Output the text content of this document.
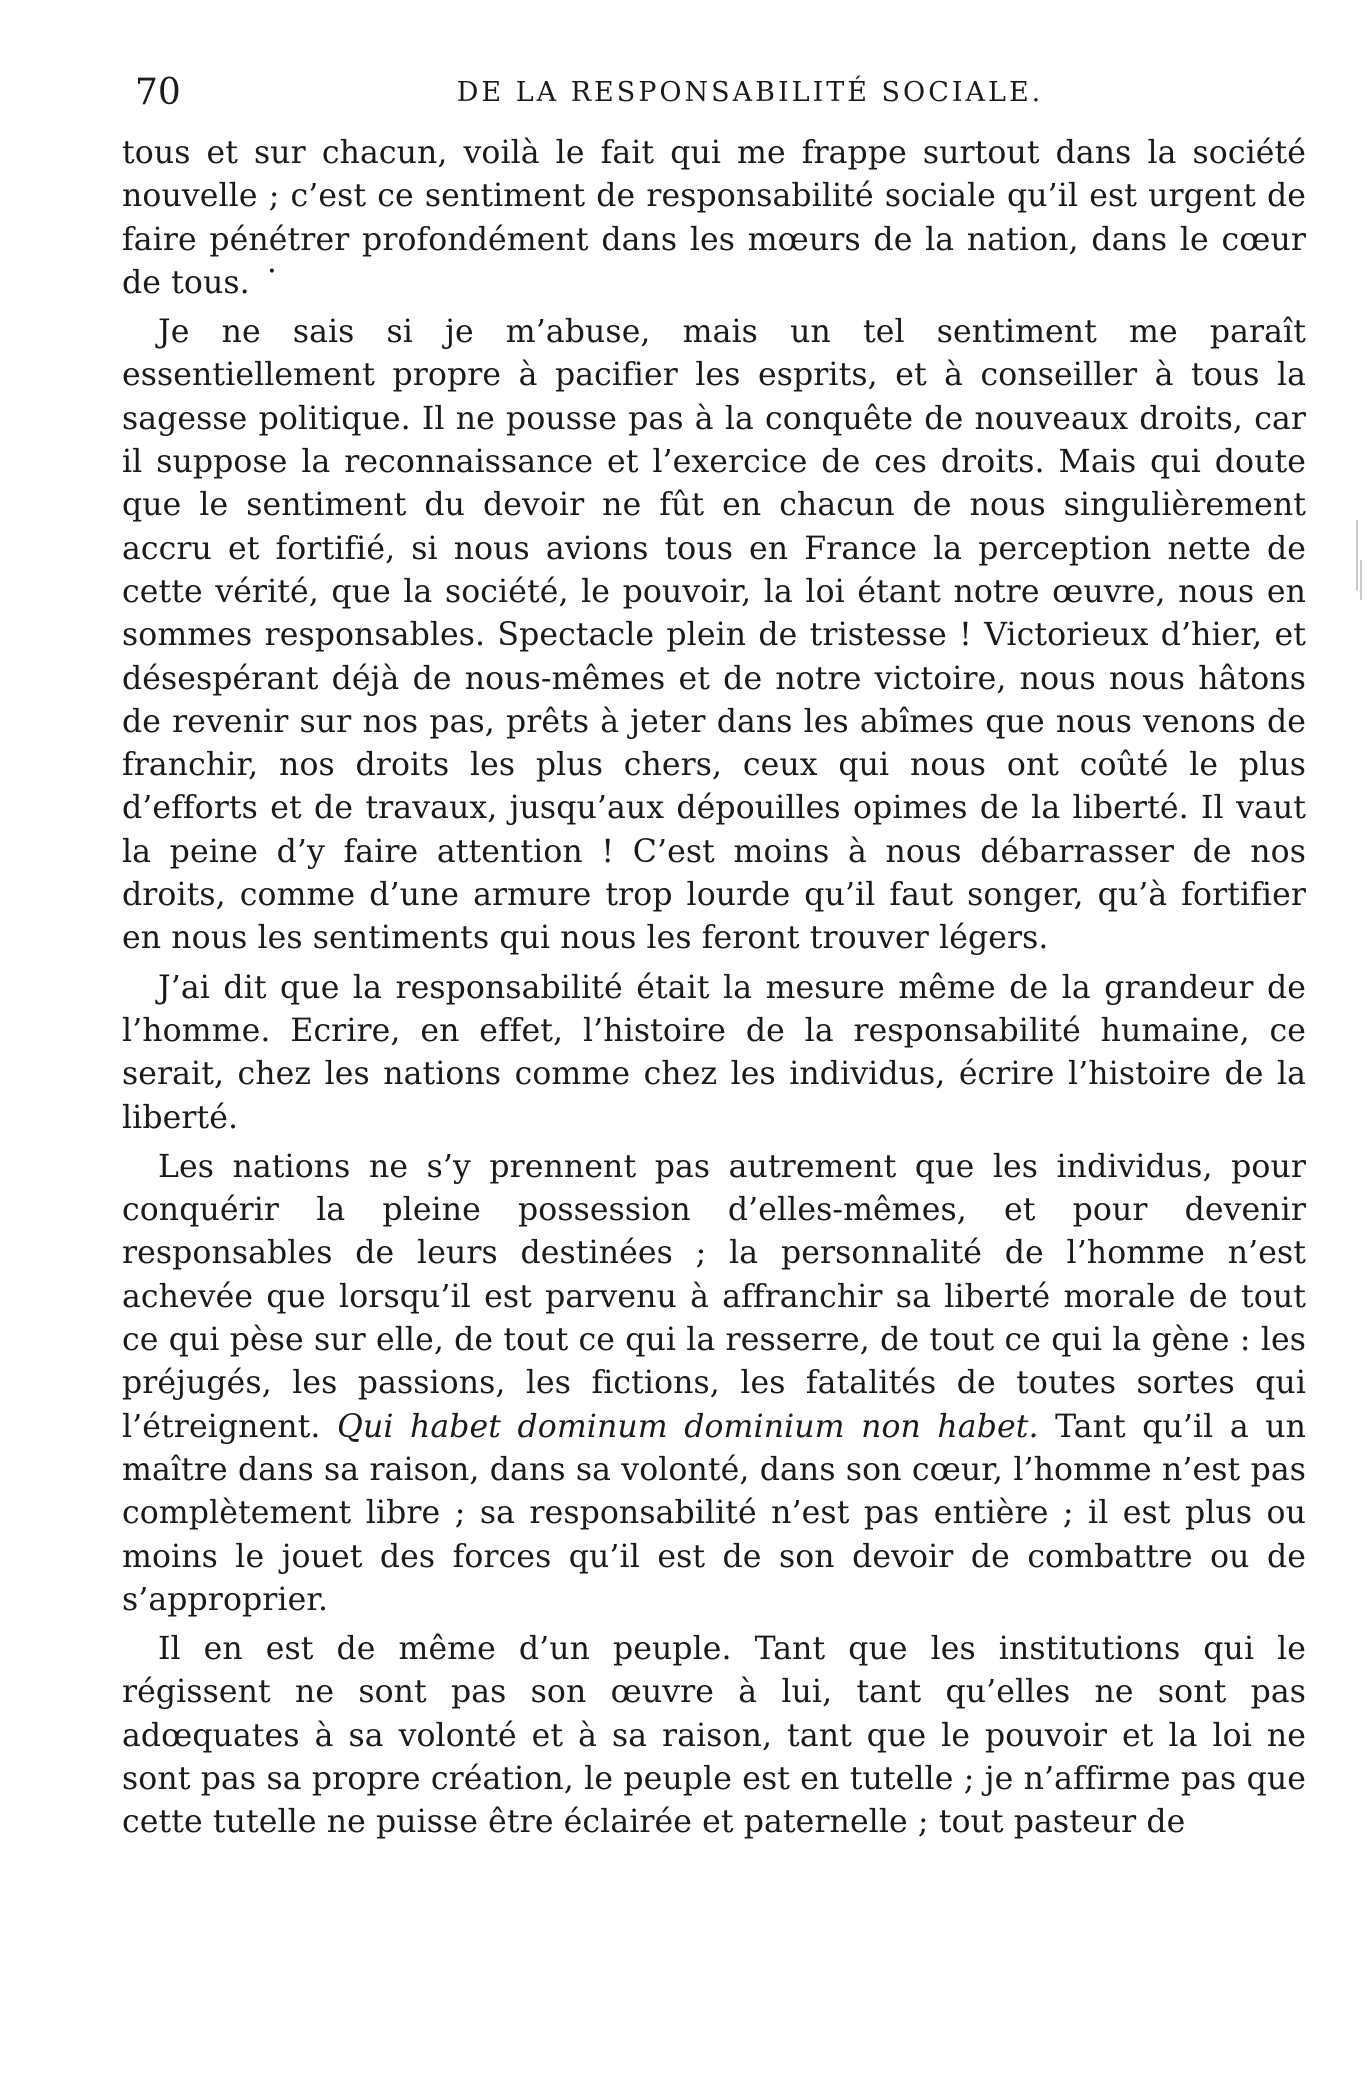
70	DE LA RESPONSABILITÉ SOCIALE.

tous et sur chacun, voilà le fait qui me frappe surtout dans la société nouvelle ; c’est ce sentiment de responsabilité sociale qu’il est urgent de faire pénétrer profondément dans les mœurs de la nation, dans le cœur de tous. •

Je ne sais si je m’abuse, mais un tel sentiment me paraît essentiellement propre à pacifier les esprits, et à conseiller à tous la sagesse politique. Il ne pousse pas à la conquête de nouveaux droits, car il suppose la reconnaissance et l’exercice de ces droits. Mais qui doute que le sentiment du devoir ne fût en chacun de nous singulièrement accru et fortifié, si nous avions tous en France la perception nette de cette vérité, que la société, le pouvoir, la loi étant notre œuvre, nous en sommes responsables. Spectacle plein de tristesse ! Victorieux d’hier, et désespérant déjà de nous-mêmes et de notre victoire, nous nous hâtons de revenir sur nos pas, prêts à jeter dans les abîmes que nous venons de franchir, nos droits les plus chers, ceux qui nous ont coûté le plus d’efforts et de travaux, jusqu’aux dépouilles opimes de la liberté. Il vaut la peine d’y faire attention ! C’est moins à nous débarrasser de nos droits, comme d’une armure trop lourde qu’il faut songer, qu’à fortifier en nous les sentiments qui nous les feront trouver légers.

J’ai dit que la responsabilité était la mesure même de la grandeur de l’homme. Ecrire, en effet, l’histoire de la responsabilité humaine, ce serait, chez les nations comme chez les individus, écrire l’histoire de la liberté.

Les nations ne s’y prennent pas autrement que les individus, pour conquérir la pleine possession d’elles-mêmes, et pour devenir responsables de leurs destinées ; la personnalité de l’homme n’est achevée que lorsqu’il est parvenu à affranchir sa liberté morale de tout ce qui pèse sur elle, de tout ce qui la resserre, de tout ce qui la gène : les préjugés, les passions, les fictions, les fatalités de toutes sortes qui l’étreignent. Qui habet dominum dominium non habet. Tant qu’il a un maître dans sa raison, dans sa volonté, dans son cœur, l’homme n’est pas complètement libre ; sa responsabilité n’est pas entière ; il est plus ou moins le jouet des forces qu’il est de son devoir de combattre ou de s’approprier.

Il en est de même d’un peuple. Tant que les institutions qui le régissent ne sont pas son œuvre à lui, tant qu’elles ne sont pas adœquates à sa volonté et à sa raison, tant que le pouvoir et la loi ne sont pas sa propre création, le peuple est en tutelle ; je n’affirme pas que cette tutelle ne puisse être éclairée et paternelle ; tout pasteur de
